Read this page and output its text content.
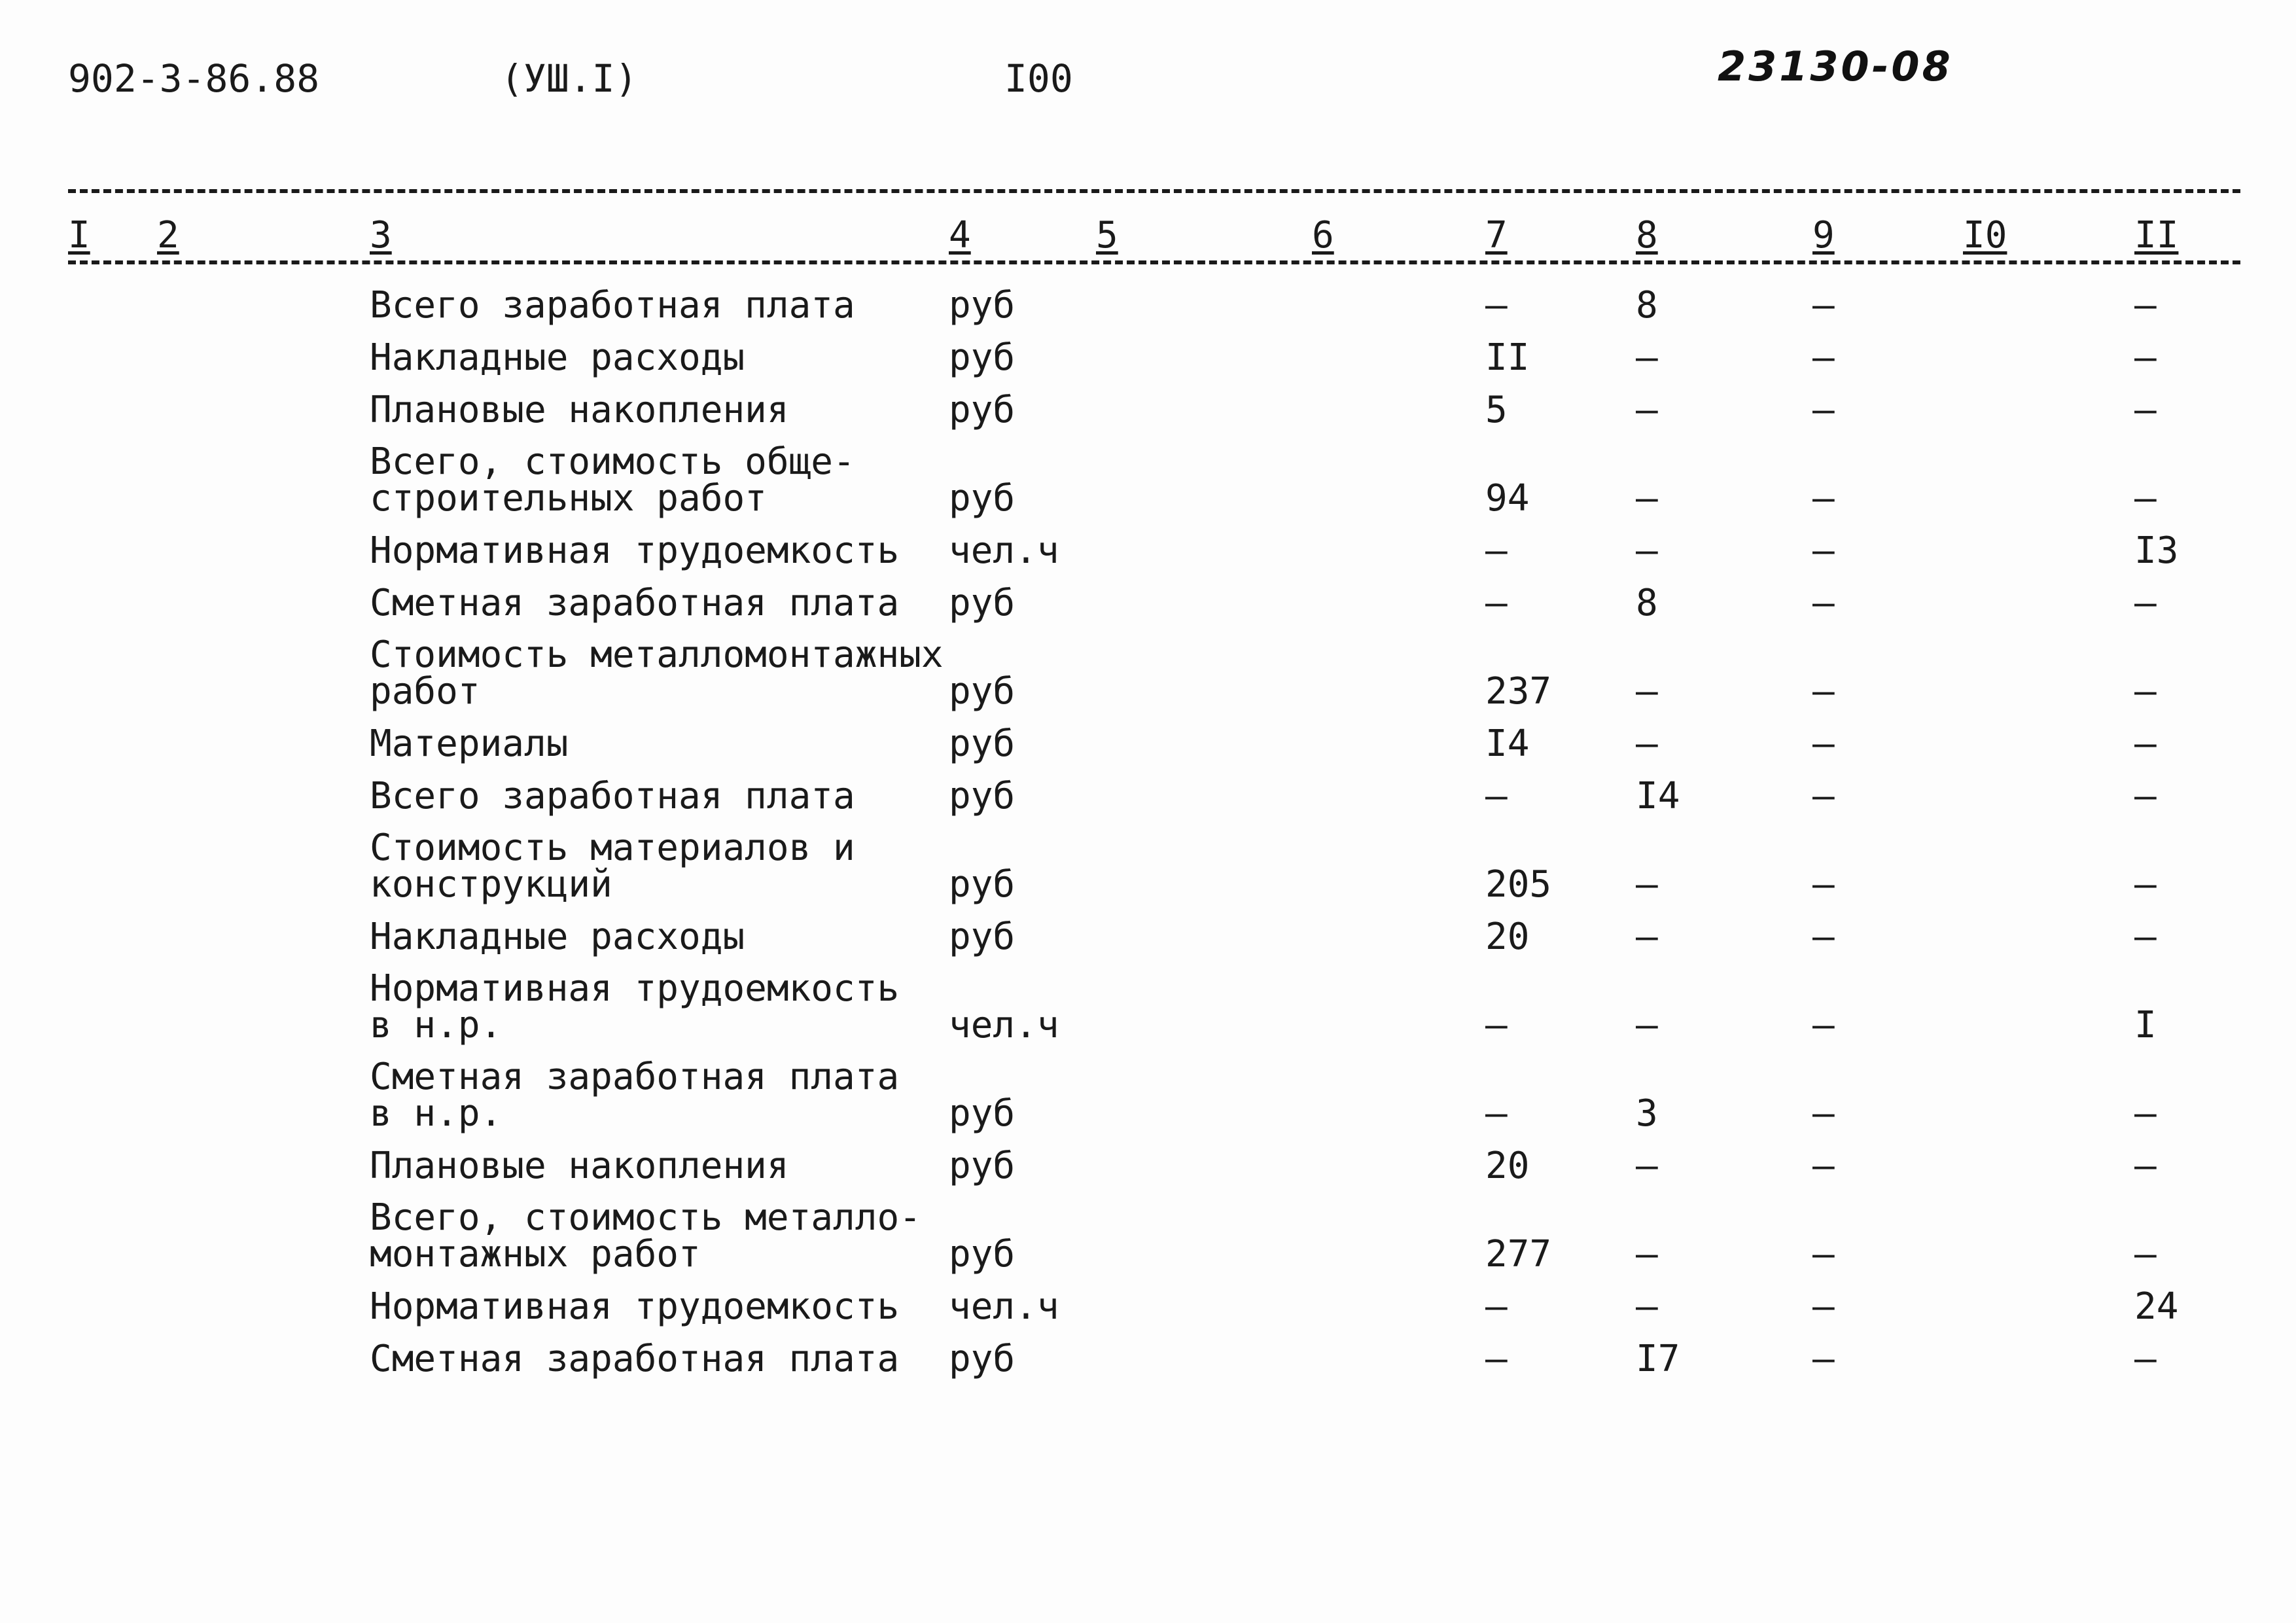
902-3-86.88	(УШ.I)	I00	23130-08
I 2	3	4	5	6	7	8	9	I0	II
Всего заработная плата	руб	–	8	–	–
Накладные расходы	руб	II	–	–	–
Плановые накопления	руб	5	–	–	–
Всего, стоимость обще-
строительных работ	руб	94	–	–	–
Нормативная трудоемкость чел.ч	–	–	–	I3
Сметная заработная плата руб	–	8	–	–
Стоимость металломонтажных
работ	руб	237 –	–	–
Материалы	руб	I4	–	–	–
Всего заработная плата	руб	–	I4	–	–
Стоимость материалов и
конструкций	руб	205 –	–	–
Накладные расходы	руб	20	–	–	–
Нормативная трудоемкость
в н.р.	чел.ч	–	–	–	I
Сметная заработная плата
в н.р.	руб	–	3	–	–
Плановые накопления	руб	20	–	–	–
Всего, стоимость металло-
монтажных работ	руб	277 –	–	–
Нормативная трудоемкость чел.ч	–	–	–	24
Сметная заработная плата руб	–	I7	–	–
